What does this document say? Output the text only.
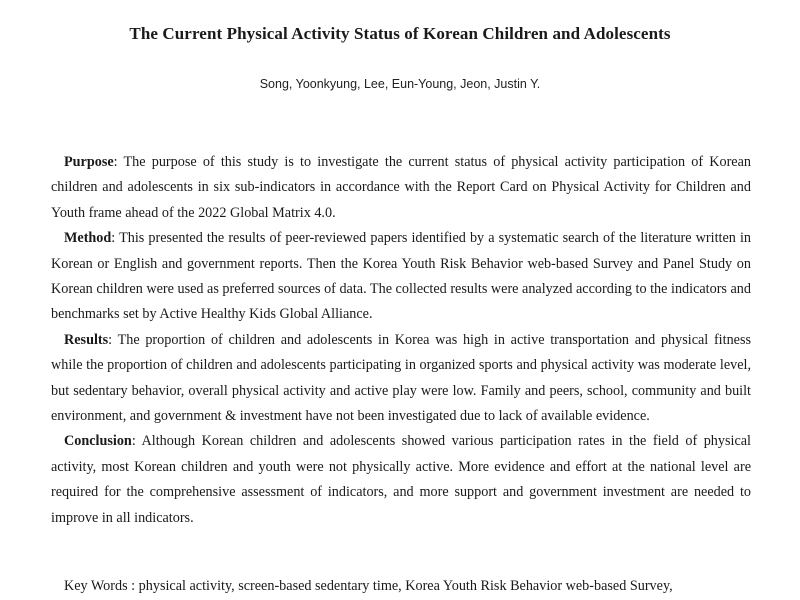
The Current Physical Activity Status of Korean Children and Adolescents
Song, Yoonkyung, Lee, Eun-Young, Jeon, Justin Y.

Purpose: The purpose of this study is to investigate the current status of physical activity participation of Korean children and adolescents in six sub-indicators in accordance with the Report Card on Physical Activity for Children and Youth frame ahead of the 2022 Global Matrix 4.0.

Method: This presented the results of peer-reviewed papers identified by a systematic search of the literature written in Korean or English and government reports. Then the Korea Youth Risk Behavior web-based Survey and Panel Study on Korean children were used as preferred sources of data. The collected results were analyzed according to the indicators and benchmarks set by Active Healthy Kids Global Alliance.

Results: The proportion of children and adolescents in Korea was high in active transportation and physical fitness while the proportion of children and adolescents participating in organized sports and physical activity was moderate level, but sedentary behavior, overall physical activity and active play were low. Family and peers, school, community and built environment, and government & investment have not been investigated due to lack of available evidence.

Conclusion: Although Korean children and adolescents showed various participation rates in the field of physical activity, most Korean children and youth were not physically active. More evidence and effort at the national level are required for the comprehensive assessment of indicators, and more support and government investment are needed to improve in all indicators.

Key Words : physical activity, screen-based sedentary time, Korea Youth Risk Behavior web-based Survey,
